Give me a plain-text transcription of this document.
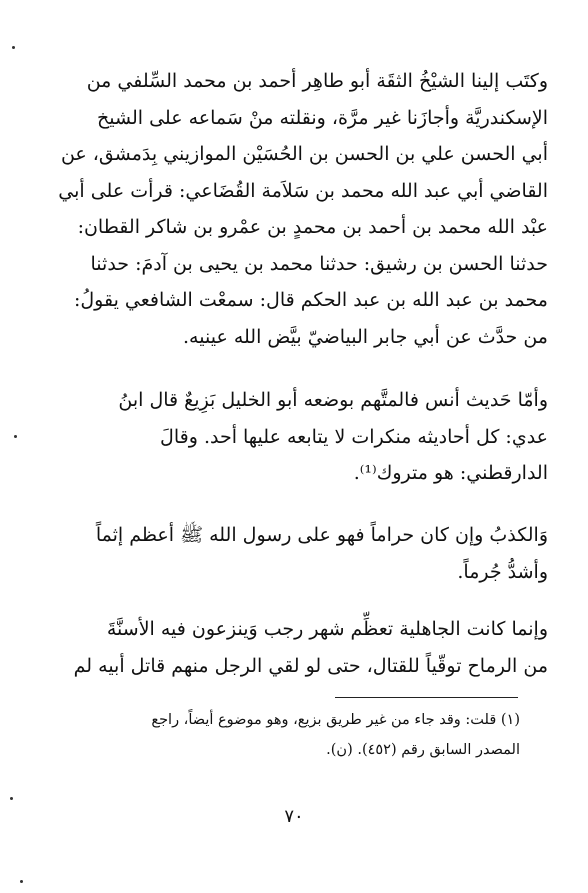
وكتَب إلينا الشيْخُ الثقَة أبو طاهِر أحمد بن محمد السِّلفي من
الإسكندريَّة وأجازَنا غير مرَّة، ونقلته منْ سَماعه على الشيخ
أبي الحسن علي بن الحسن بن الحُسَيْن الموازيني بِدَمشق، عن
القاضي أبي عبد الله محمد بن سَلاَمة القُضَاعي: قرأت على أبي
عبْد الله محمد بن أحمد بن محمدٍ بن عمْرو بن شاكر القطان:
حدثنا الحسن بن رشيق: حدثنا محمد بن يحيى بن آدمَ: حدثنا
محمد بن عبد الله بن عبد الحكم قال: سمعْت الشافعي يقولُ:
من حدَّث عن أبي جابر البياضيّ بيَّض الله عينيه.
وأمّا حَديث أنس فالمتَّهم بوضعه أبو الخليل بَزِيعٌ قال ابنُ
عدي: كل أحاديثه منكرات لا يتابعه عليها أحد. وقالَ
الدارقطني: هو متروك⁽¹⁾.
وَالكذبُ وإن كان حراماً فهو على رسول الله ﷺ أعظم إثماً
وأشدُّ جُرماً.
وإنما كانت الجاهلية تعظِّم شهر رجب وَينزعون فيه الأسنَّةَ
من الرماح توقّياً للقتال، حتى لو لقي الرجل منهم قاتل أبيه لم
(١) قلت: وقد جاء من غير طريق بزيع، وهو موضوع أيضاً، راجع
المصدر السابق رقم (٤٥٢). (ن).
٧٠
